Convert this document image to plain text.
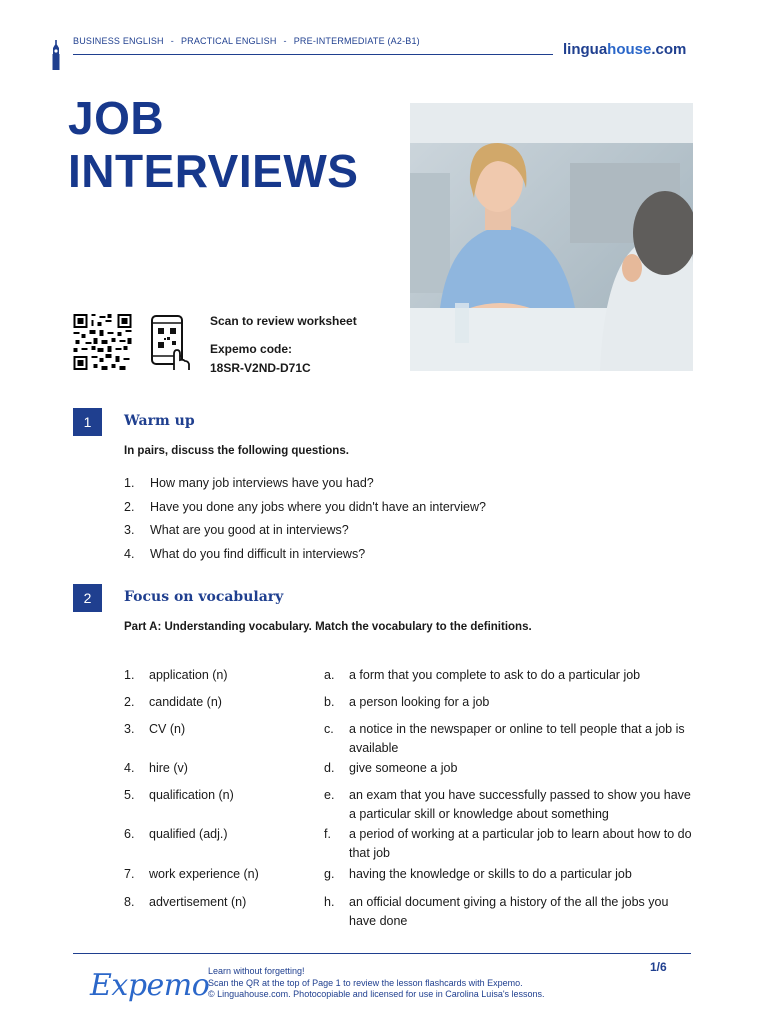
BUSINESS ENGLISH - PRACTICAL ENGLISH - PRE-INTERMEDIATE (A2-B1)	linguahouse.com
JOB
INTERVIEWS
Scan to review worksheet
Expemo code:
18SR-V2ND-D71C
1	Warm up
In pairs, discuss the following questions.
1.	How many job interviews have you had?
2.	Have you done any jobs where you didn't have an interview?
3.	What are you good at in interviews?
4.	What do you find difficult in interviews?
2	Focus on vocabulary
Part A: Understanding vocabulary. Match the vocabulary to the definitions.
1.	application (n)	a.	a form that you complete to ask to do a particular job
2.	candidate (n)	b.	a person looking for a job
3.	CV (n)	c.	a notice in the newspaper or online to tell people that a job is available
4.	hire (v)	d.	give someone a job
5.	qualification (n)	e.	an exam that you have successfully passed to show you have a particular skill or knowledge about something
6.	qualified (adj.)	f.	a period of working at a particular job to learn about how to do that job
7.	work experience (n)	g.	having the knowledge or skills to do a particular job
8.	advertisement (n)	h.	an official document giving a history of the all the jobs you have done
Expemo
Learn without forgetting!
Scan the QR at the top of Page 1 to review the lesson flashcards with Expemo.
© Linguahouse.com. Photocopiable and licensed for use in Carolina Luisa's lessons.
1/6
